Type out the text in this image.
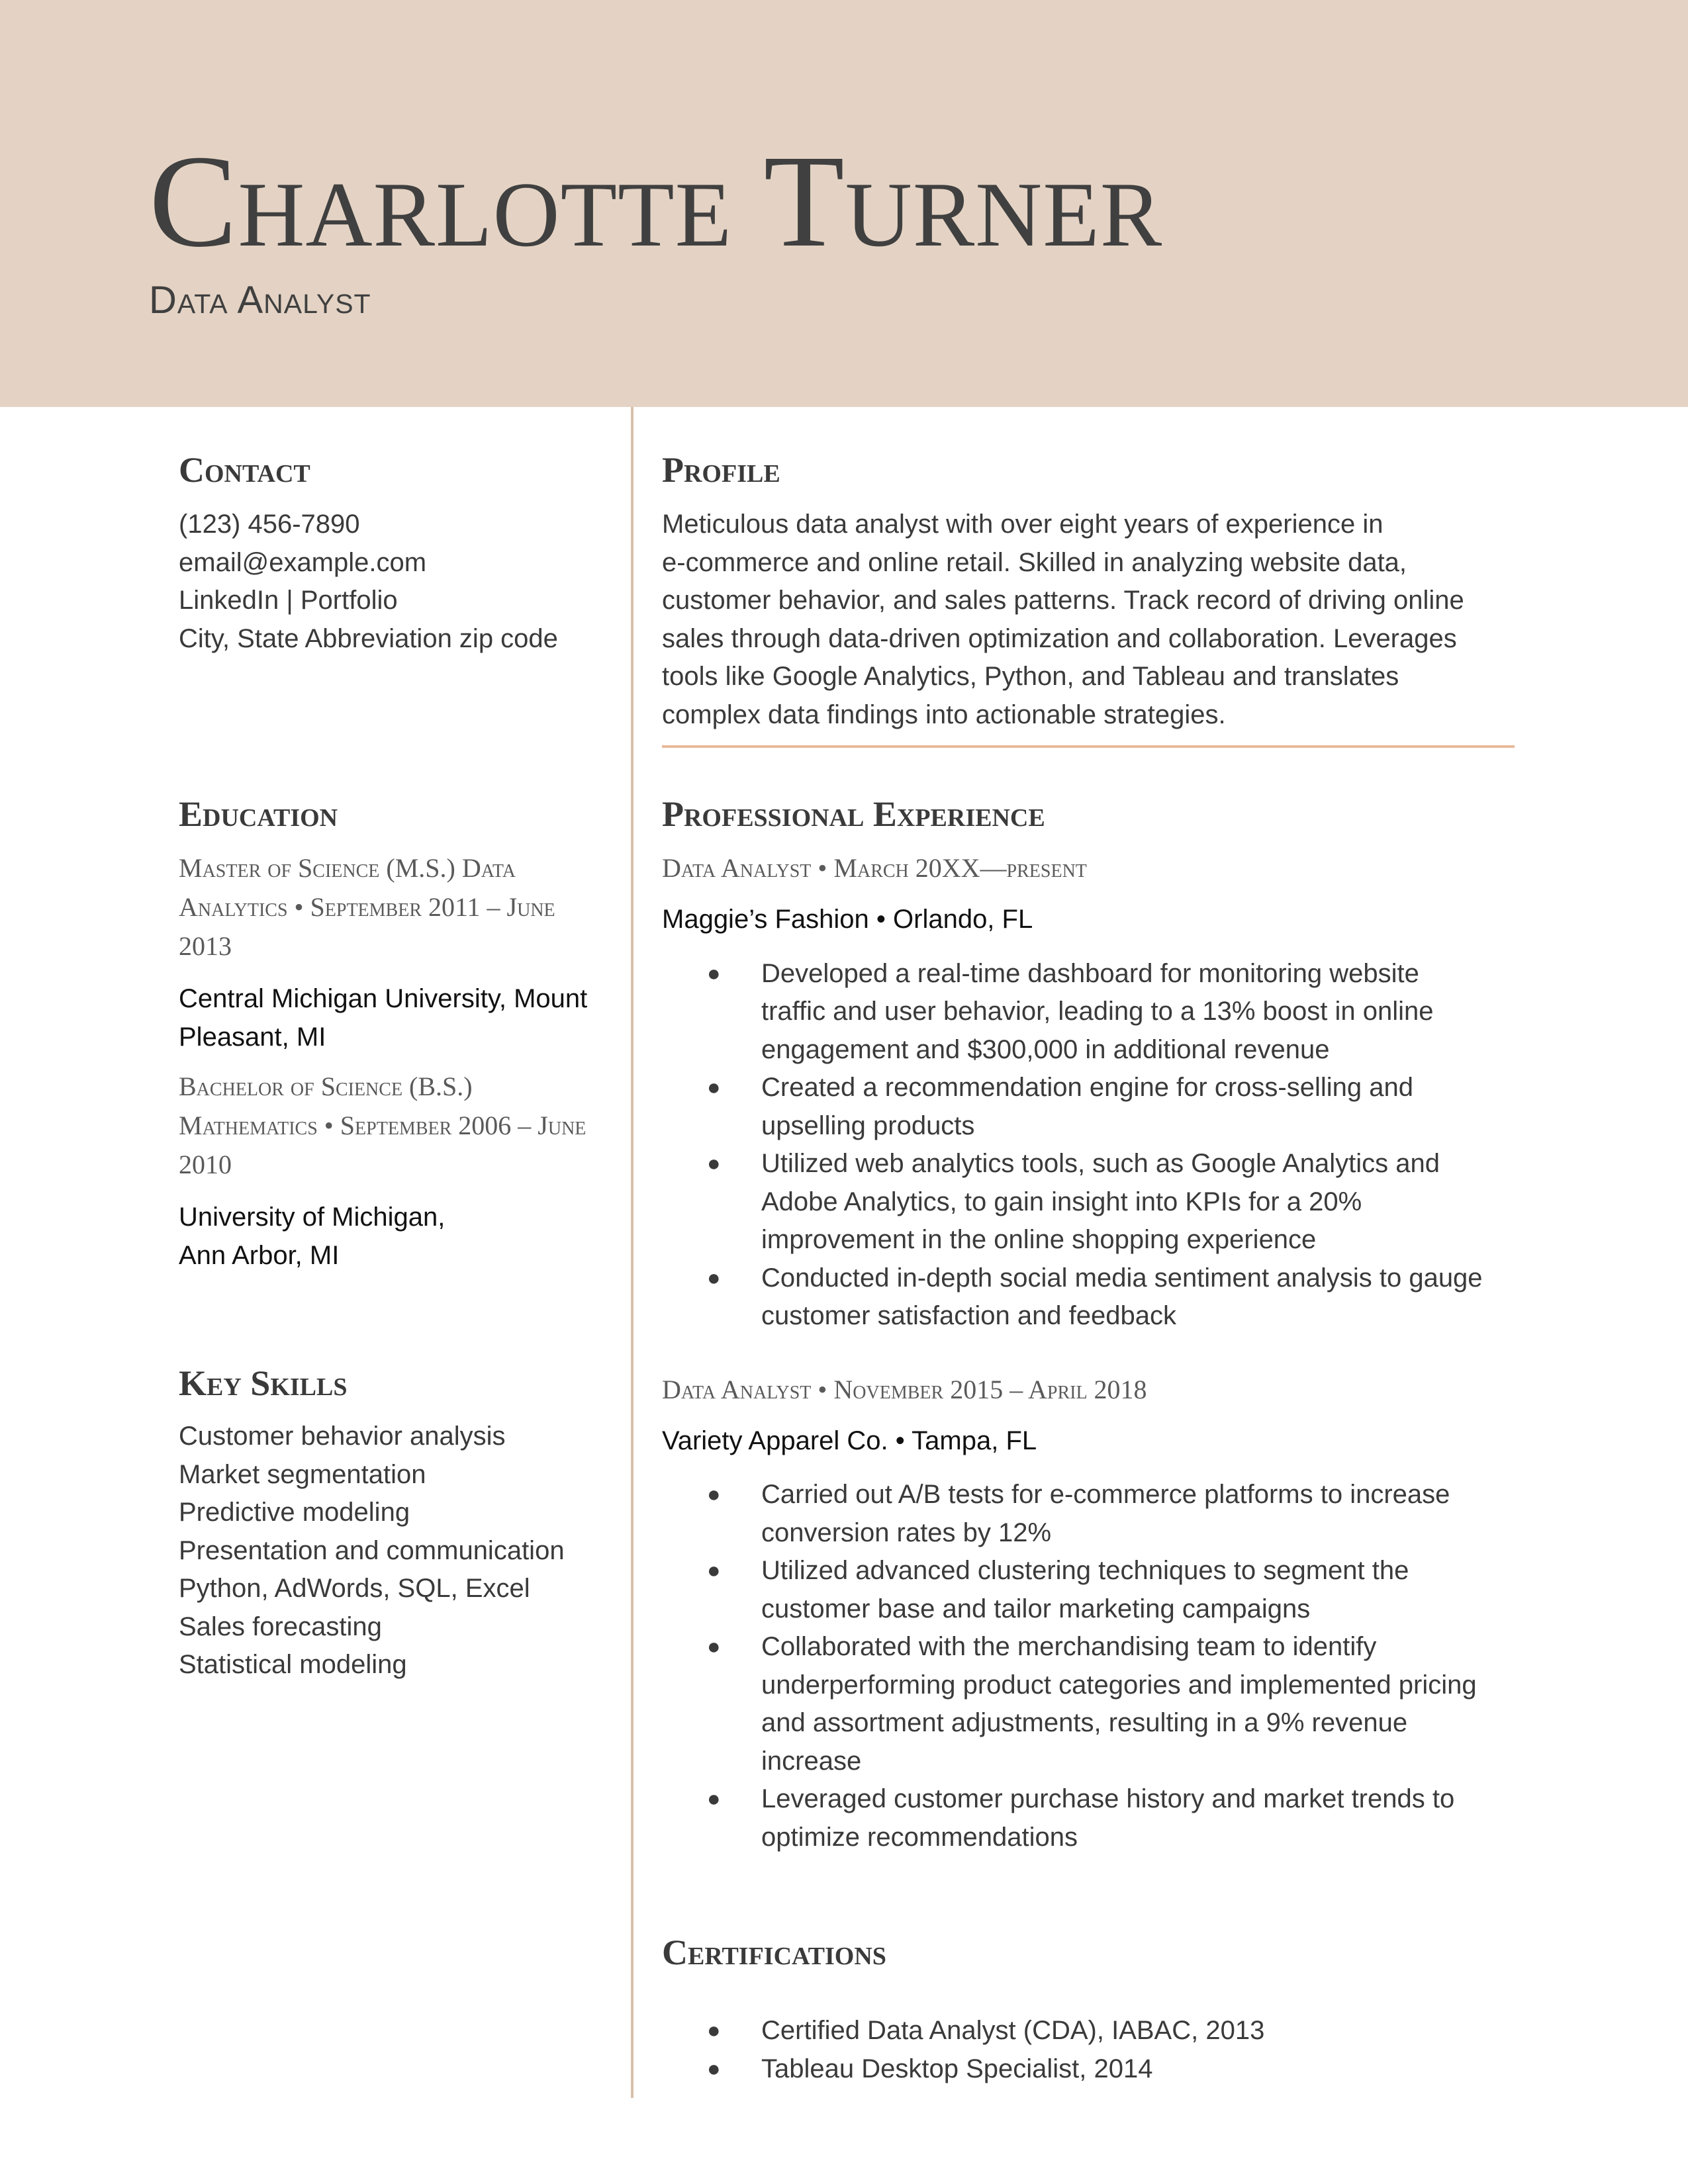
Charlotte Turner
Data Analyst
Contact
(123) 456-7890
email@example.com
LinkedIn | Portfolio
City, State Abbreviation zip code
Education
Master of Science (M.S.) Data
Analytics • September 2011 – June
2013
Central Michigan University, Mount
Pleasant, MI
Bachelor of Science (B.S.)
Mathematics • September 2006 – June
2010
University of Michigan,
Ann Arbor, MI
Key Skills
Customer behavior analysis
Market segmentation
Predictive modeling
Presentation and communication
Python, AdWords, SQL, Excel
Sales forecasting
Statistical modeling
Profile
Meticulous data analyst with over eight years of experience in
e-commerce and online retail. Skilled in analyzing website data,
customer behavior, and sales patterns. Track record of driving online
sales through data-driven optimization and collaboration. Leverages
tools like Google Analytics, Python, and Tableau and translates
complex data findings into actionable strategies.
Professional Experience
Data Analyst • March 20XX—present
Maggie’s Fashion • Orlando, FL
● Developed a real-time dashboard for monitoring website
traffic and user behavior, leading to a 13% boost in online
engagement and $300,000 in additional revenue
● Created a recommendation engine for cross-selling and
upselling products
● Utilized web analytics tools, such as Google Analytics and
Adobe Analytics, to gain insight into KPIs for a 20%
improvement in the online shopping experience
● Conducted in-depth social media sentiment analysis to gauge
customer satisfaction and feedback
Data Analyst • November 2015 – April 2018
Variety Apparel Co. • Tampa, FL
● Carried out A/B tests for e-commerce platforms to increase
conversion rates by 12%
● Utilized advanced clustering techniques to segment the
customer base and tailor marketing campaigns
● Collaborated with the merchandising team to identify
underperforming product categories and implemented pricing
and assortment adjustments, resulting in a 9% revenue
increase
● Leveraged customer purchase history and market trends to
optimize recommendations
Certifications
● Certified Data Analyst (CDA), IABAC, 2013
● Tableau Desktop Specialist, 2014
